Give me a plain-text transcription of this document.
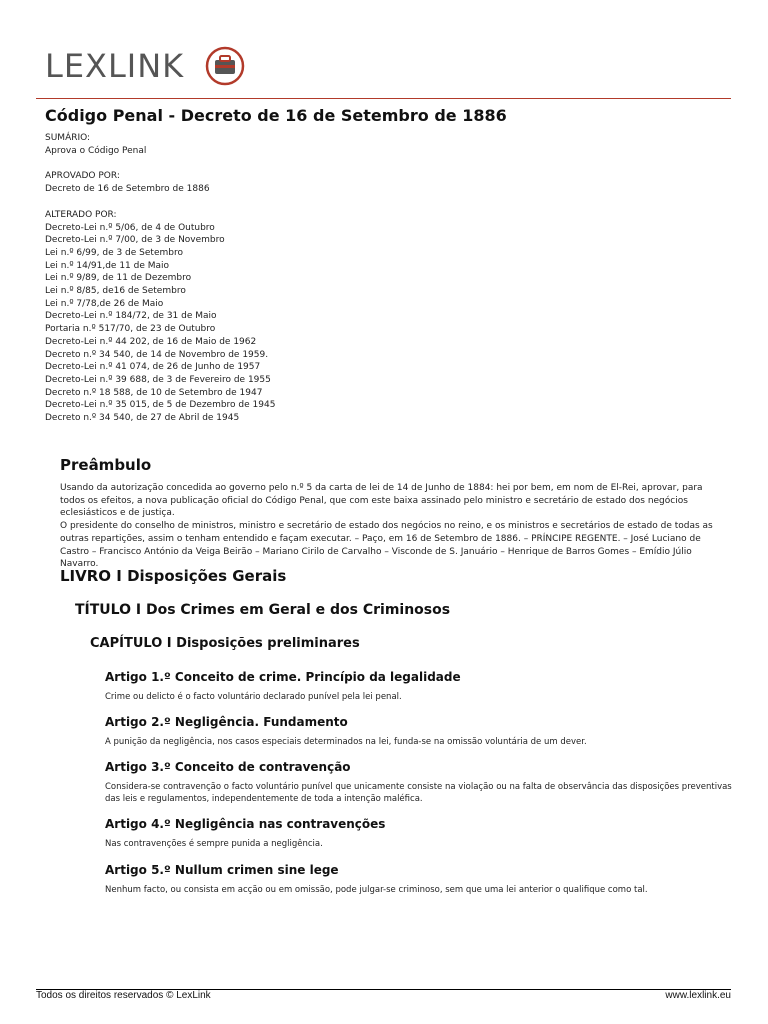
LEXLINK
Código Penal - Decreto de 16 de Setembro de 1886
SUMÁRIO:
Aprova o Código Penal
APROVADO POR:
Decreto de 16 de Setembro de 1886
ALTERADO POR:
Decreto-Lei n.º 5/06, de 4 de Outubro
Decreto-Lei n.º 7/00, de 3 de Novembro
Lei n.º 6/99, de 3 de Setembro
Lei n.º 14/91,de 11 de Maio
Lei n.º 9/89, de 11 de Dezembro
Lei n.º 8/85, de16 de Setembro
Lei n.º 7/78,de 26 de Maio
Decreto-Lei n.º 184/72, de 31 de Maio
Portaria n.º 517/70, de 23 de Outubro
Decreto-Lei n.º 44 202, de 16 de Maio de 1962
Decreto n.º 34 540, de 14 de Novembro de 1959.
Decreto-Lei n.º 41 074, de 26 de Junho de 1957
Decreto-Lei n.º 39 688, de 3 de Fevereiro de 1955
Decreto n.º 18 588, de 10 de Setembro de 1947
Decreto-Lei n.º 35 015, de 5 de Dezembro de 1945
Decreto n.º 34 540, de 27 de Abril de 1945
Preâmbulo

Usando da autorização concedida ao governo pelo n.º 5 da carta de lei de 14 de Junho de 1884: hei por bem, em nom de El-Rei, aprovar, para todos os efeitos, a nova publicação oficial do Código Penal, que com este baixa assinado pelo ministro e secretário de estado dos negócios eclesiásticos e de justiça.

O presidente do conselho de ministros, ministro e secretário de estado dos negócios no reino, e os ministros e secretários de estado de todas as outras repartições, assim o tenham entendido e façam executar. – Paço, em 16 de Setembro de 1886. – PRÍNCIPE REGENTE. – José Luciano de Castro – Francisco António da Veiga Beirão – Mariano Cirilo de Carvalho – Visconde de S. Januário – Henrique de Barros Gomes – Emídio Júlio Navarro.

LIVRO I Disposições Gerais
TÍTULO I Dos Crimes em Geral e dos Criminosos
CAPÍTULO I Disposições preliminares
Artigo 1.º Conceito de crime. Princípio da legalidade

Crime ou delicto é o facto voluntário declarado punível pela lei penal.

Artigo 2.º Negligência. Fundamento

A punição da negligência, nos casos especiais determinados na lei, funda-se na omissão voluntária de um dever.

Artigo 3.º Conceito de contravenção

Considera-se contravenção o facto voluntário punível que unicamente consiste na violação ou na falta de observância das disposições preventivas das leis e regulamentos, independentemente de toda a intenção maléfica.

Artigo 4.º Negligência nas contravenções

Nas contravenções é sempre punida a negligência.

Artigo 5.º Nullum crimen sine lege

Nenhum facto, ou consista em acção ou em omissão, pode julgar-se criminoso, sem que uma lei anterior o qualifique como tal.

Todos os direitos reservados © LexLink	www.lexlink.eu
